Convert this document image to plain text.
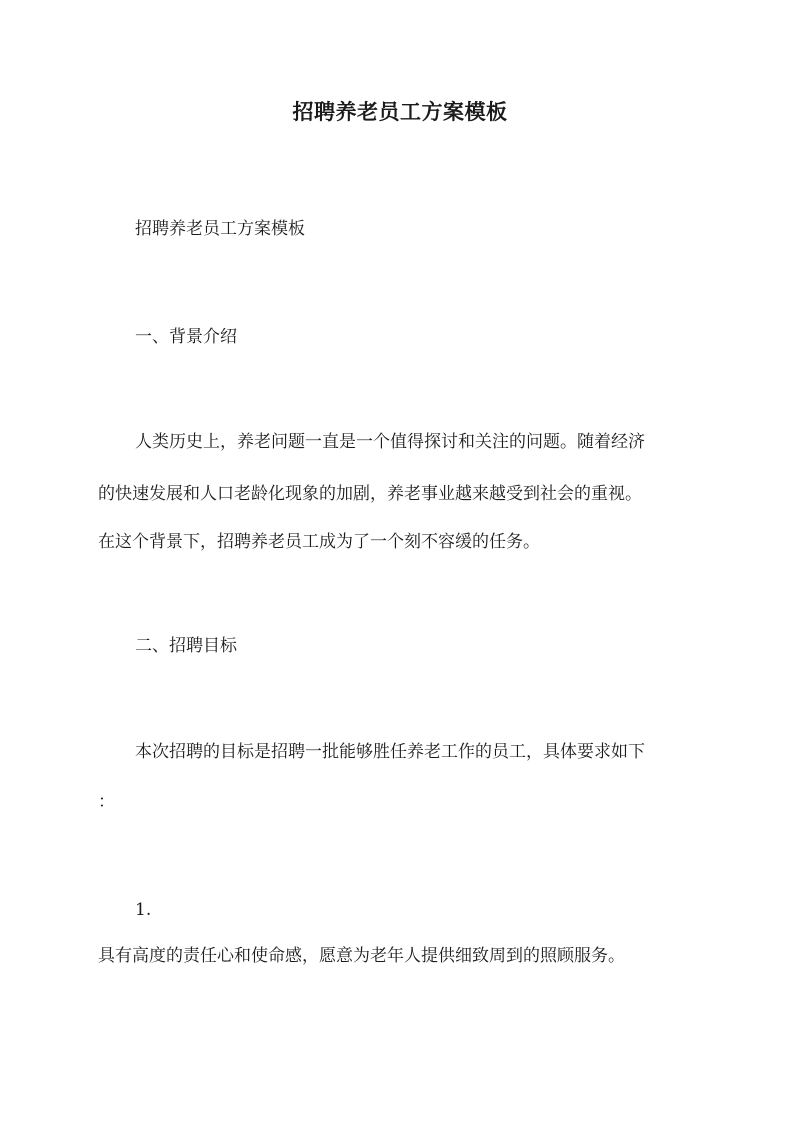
招聘养老员工方案模板
招聘养老员工方案模板
一、背景介绍
人类历史上，养老问题一直是一个值得探讨和关注的问题。随着经济
的快速发展和人口老龄化现象的加剧，养老事业越来越受到社会的重视。
在这个背景下，招聘养老员工成为了一个刻不容缓的任务。
二、招聘目标
本次招聘的目标是招聘一批能够胜任养老工作的员工，具体要求如下
：
1.
具有高度的责任心和使命感，愿意为老年人提供细致周到的照顾服务。
